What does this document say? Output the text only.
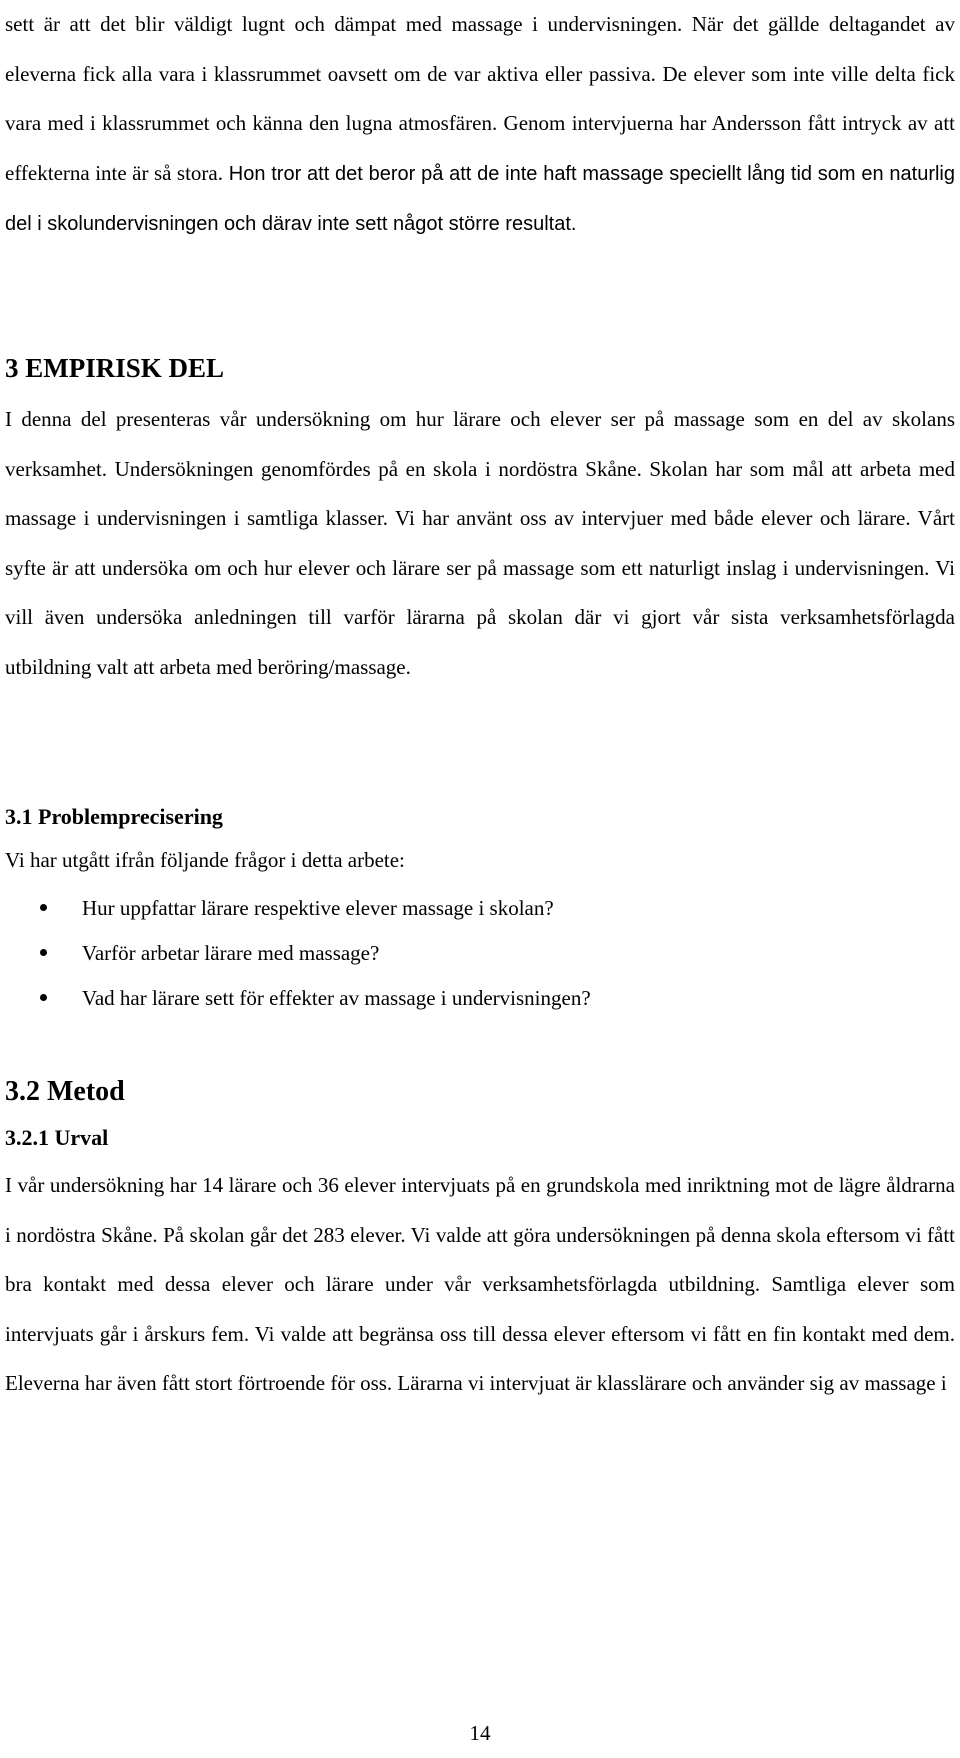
sett är att det blir väldigt lugnt och dämpat med massage i undervisningen. När det gällde deltagandet av eleverna fick alla vara i klassrummet oavsett om de var aktiva eller passiva. De elever som inte ville delta fick vara med i klassrummet och känna den lugna atmosfären. Genom intervjuerna har Andersson fått intryck av att effekterna inte är så stora. Hon tror att det beror på att de inte haft massage speciellt lång tid som en naturlig del i skolundervisningen och därav inte sett något större resultat.

3 EMPIRISK DEL

I denna del presenteras vår undersökning om hur lärare och elever ser på massage som en del av skolans verksamhet. Undersökningen genomfördes på en skola i nordöstra Skåne. Skolan har som mål att arbeta med massage i undervisningen i samtliga klasser. Vi har använt oss av intervjuer med både elever och lärare. Vårt syfte är att undersöka om och hur elever och lärare ser på massage som ett naturligt inslag i undervisningen. Vi vill även undersöka anledningen till varför lärarna på skolan där vi gjort vår sista verksamhetsförlagda utbildning valt att arbeta med beröring/massage.

3.1 Problemprecisering

Vi har utgått ifrån följande frågor i detta arbete:

Hur uppfattar lärare respektive elever massage i skolan?
Varför arbetar lärare med massage?
Vad har lärare sett för effekter av massage i undervisningen?
3.2 Metod
3.2.1 Urval

I vår undersökning har 14 lärare och 36 elever intervjuats på en grundskola med inriktning mot de lägre åldrarna i nordöstra Skåne. På skolan går det 283 elever. Vi valde att göra undersökningen på denna skola eftersom vi fått bra kontakt med dessa elever och lärare under vår verksamhetsförlagda utbildning. Samtliga elever som intervjuats går i årskurs fem. Vi valde att begränsa oss till dessa elever eftersom vi fått en fin kontakt med dem. Eleverna har även fått stort förtroende för oss. Lärarna vi intervjuat är klasslärare och använder sig av massage i

14
